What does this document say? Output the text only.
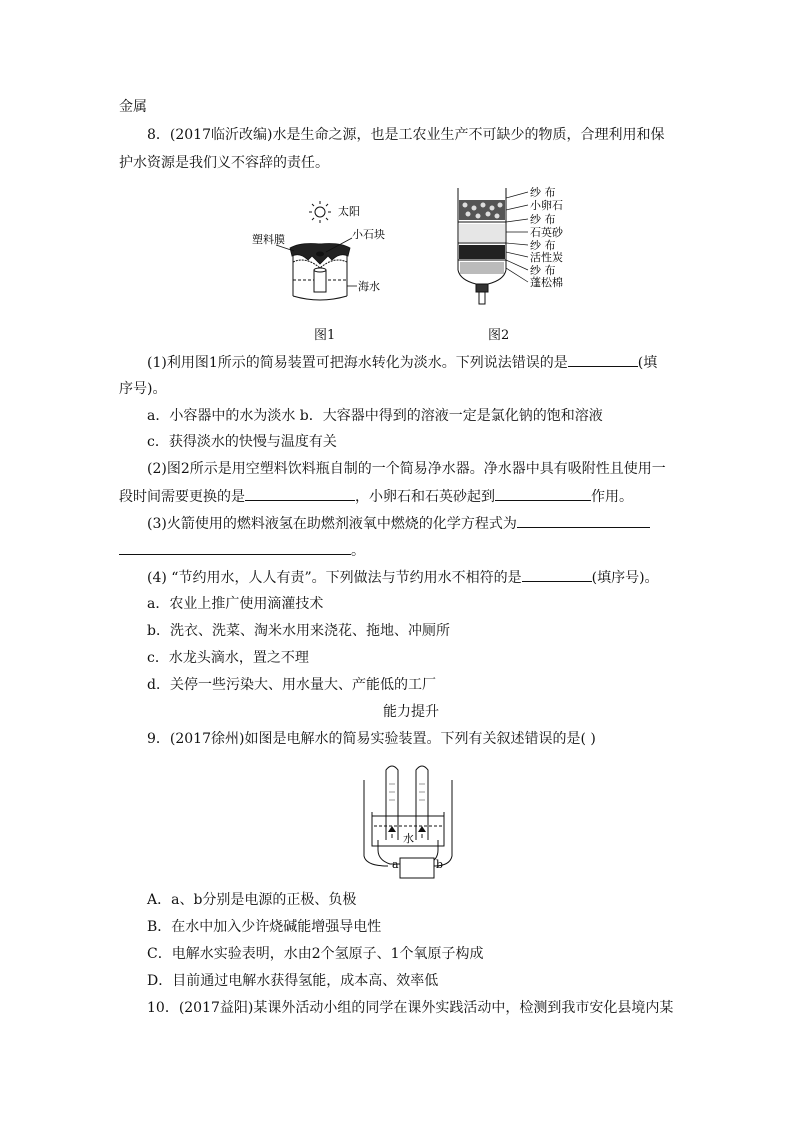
金属
8．(2017临沂改编)水是生命之源，也是工农业生产不可缺少的物质，合理利用和保
护水资源是我们义不容辞的责任。
太阳
塑料膜	小石块
海水
图1
纱 布
小卵石
纱 布
石英砂
纱 布
活性炭
纱 布
蓬松棉
图2
(1)利用图1所示的简易装置可把海水转化为淡水。下列说法错误的是	(填
序号)。
a．小容器中的水为淡水 b．大容器中得到的溶液一定是氯化钠的饱和溶液
c．获得淡水的快慢与温度有关
(2)图2所示是用空塑料饮料瓶自制的一个简易净水器。净水器中具有吸附性且使用一
段时间需要更换的是	，小卵石和石英砂起到	作用。
(3)火箭使用的燃料液氢在助燃剂液氧中燃烧的化学方程式为
。
(4) “节约用水，人人有责”。下列做法与节约用水不相符的是	(填序号)。
a．农业上推广使用滴灌技术
b．洗衣、洗菜、淘米水用来浇花、拖地、冲厕所
c．水龙头滴水，置之不理
d．关停一些污染大、用水量大、产能低的工厂
能力提升
9．(2017徐州)如图是电解水的简易实验装置。下列有关叙述错误的是( )
水
a	b
A．a、b分别是电源的正极、负极
B．在水中加入少许烧碱能增强导电性
C．电解水实验表明，水由2个氢原子、1个氧原子构成
D．目前通过电解水获得氢能，成本高、效率低
10．(2017益阳)某课外活动小组的同学在课外实践活动中，检测到我市安化县境内某
